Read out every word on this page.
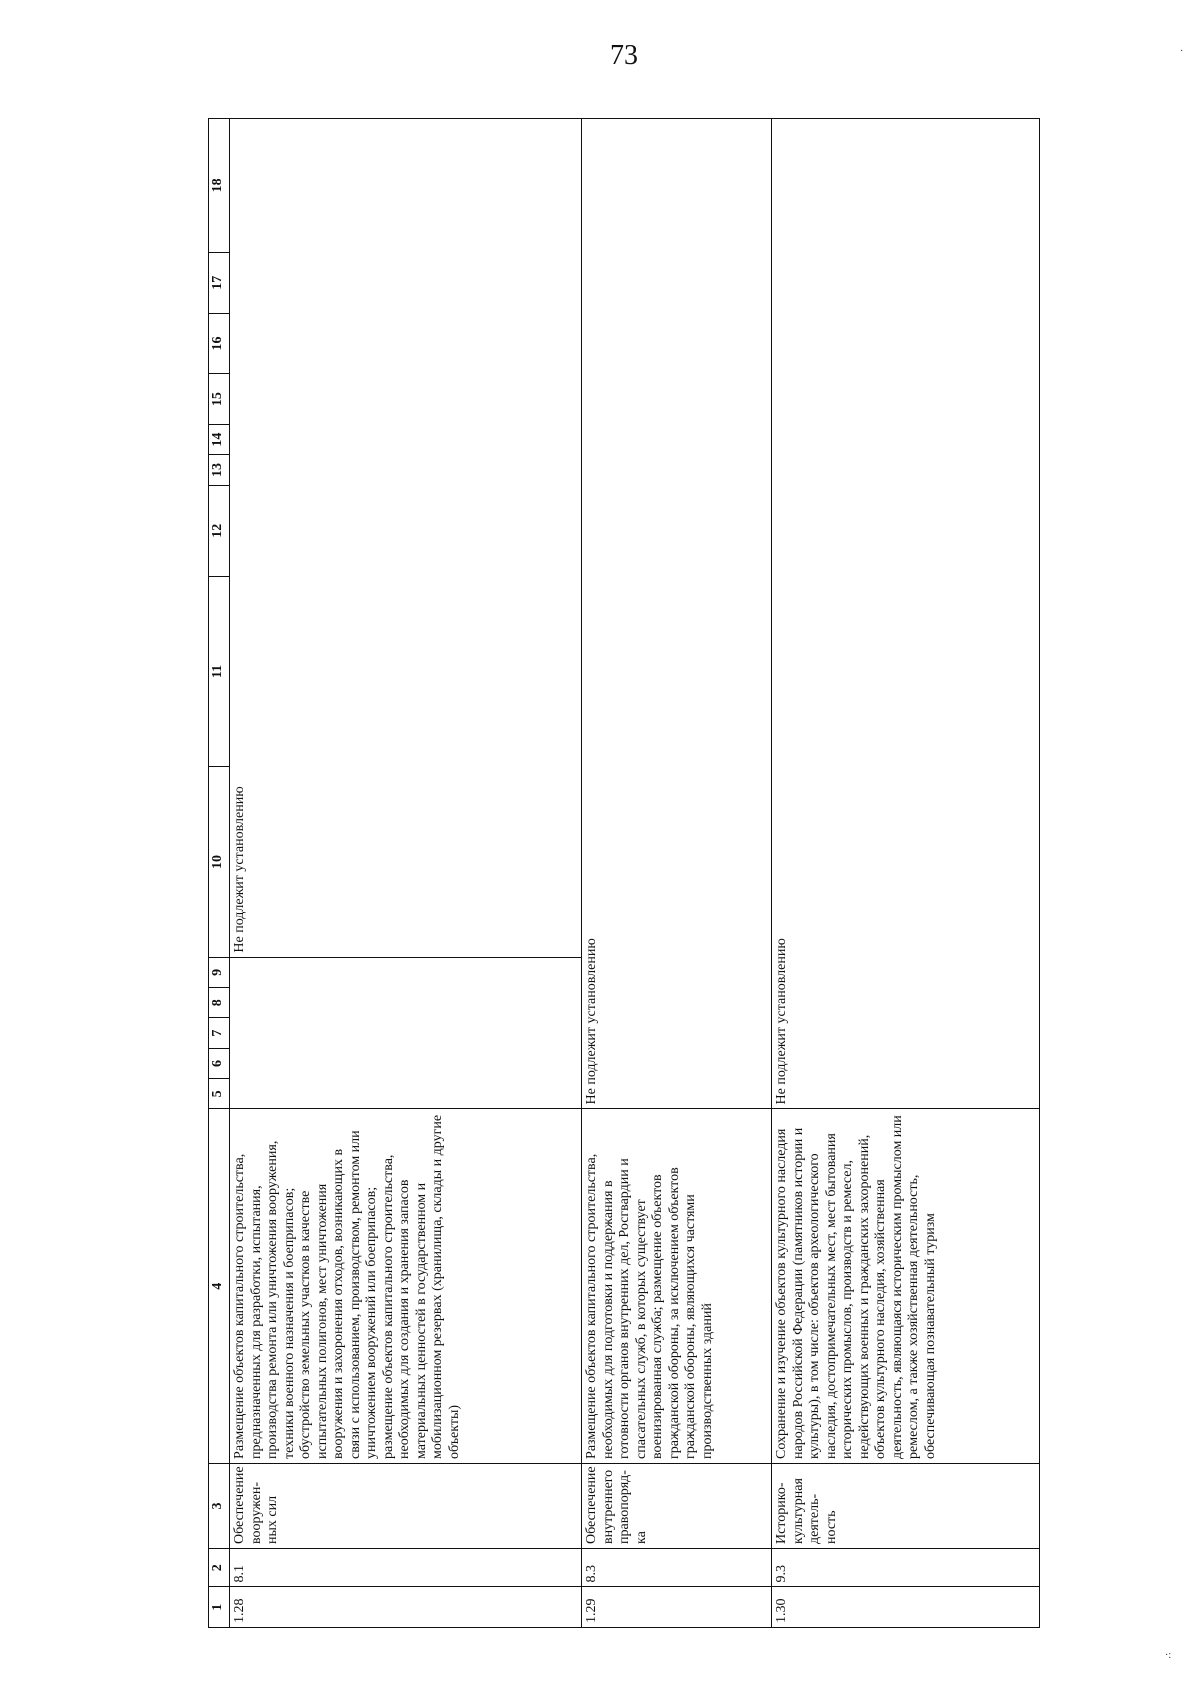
73	·
·:
1	2	3	4	5	6	7	8	9	10	11	12	13	14	15	16	17	18
1.28	8.1	Обеспечение вооружен-ных сил	Размещение объектов капитального строительства, предназначенных для разработки, испытания, производства ремонта или уничтожения вооружения, техники военного назначения и боеприпасов; обустройство земельных участков в качестве испытательных полигонов, мест уничтожения вооружения и захоронения отходов, возникающих в связи с использованием, производством, ремонтом или уничтожением вооружений или боеприпасов; размещение объектов капитального строительства, необходимых для создания и хранения запасов материальных ценностей в государственном и мобилизационном резервах (хранилища, склады и другие объекты)						Не подлежит установлению								
1.29	8.3	Обеспечение внутреннего правопоряд-ка	Размещение объектов капитального строительства, необходимых для подготовки и поддержания в готовности органов внутренних дел, Росгвардии и спасательных служб, в которых существует военизированная служба; размещение объектов гражданской обороны, за исключением объектов гражданской обороны, являющихся частями производственных зданий	Не подлежит установлению													
1.30	9.3	Историко-культурная деятель-ность	Сохранение и изучение объектов культурного наследия народов Российской Федерации (памятников истории и культуры), в том числе: объектов археологического наследия, достопримечательных мест, мест бытования исторических промыслов, производств и ремесел, недействующих военных и гражданских захоронений, объектов культурного наследия, хозяйственная деятельность, являющаяся историческим промыслом или ремеслом, а также хозяйственная деятельность, обеспечивающая познавательный туризм	Не подлежит установлению													
